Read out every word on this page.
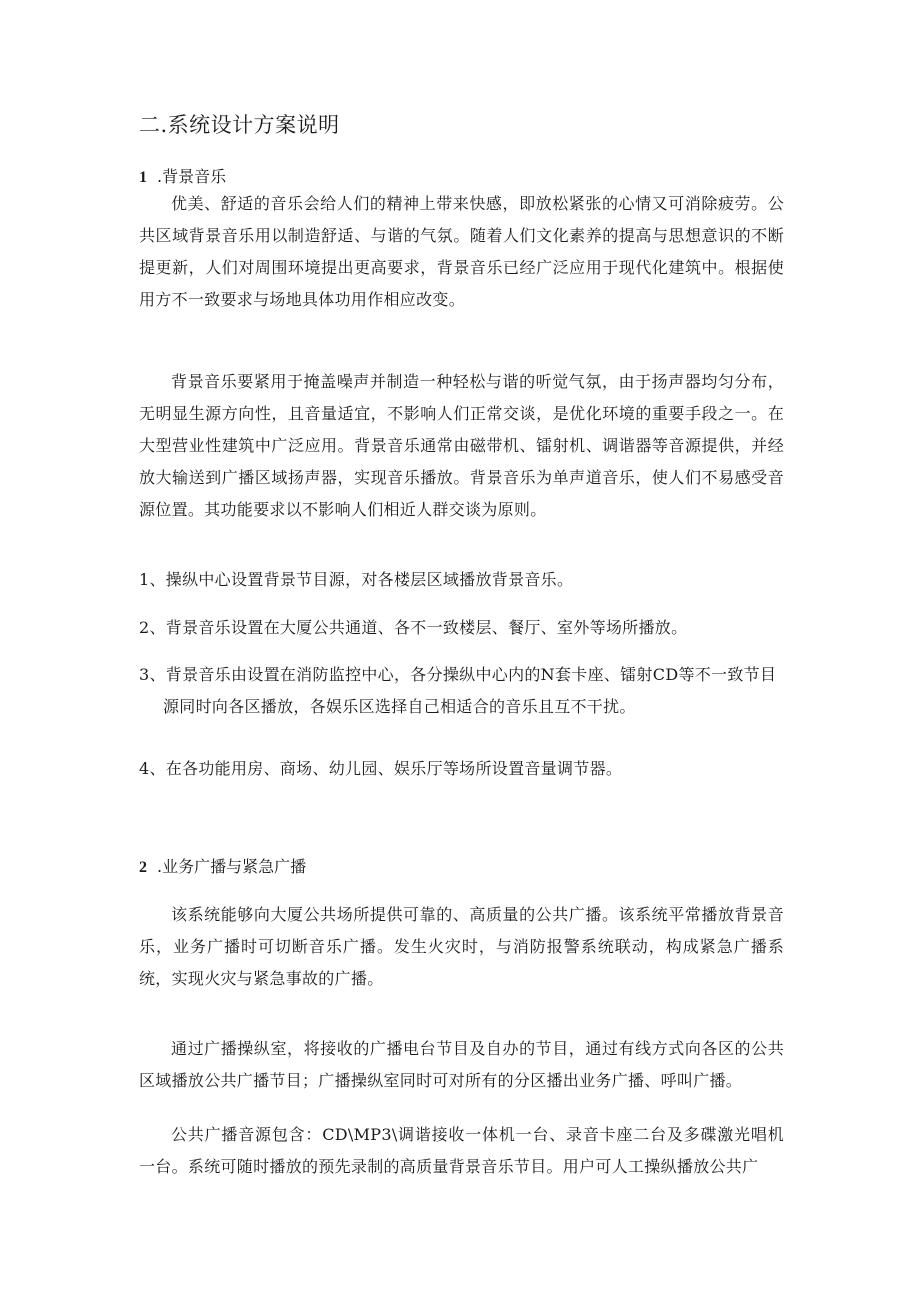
二.系统设计方案说明
1 .背景音乐

优美、舒适的音乐会给人们的精神上带来快感，即放松紧张的心情又可消除疲劳。公共区域背景音乐用以制造舒适、与谐的气氛。随着人们文化素养的提高与思想意识的不断提更新，人们对周围环境提出更高要求，背景音乐已经广泛应用于现代化建筑中。根据使用方不一致要求与场地具体功用作相应改变。

背景音乐要紧用于掩盖噪声并制造一种轻松与谐的听觉气氛，由于扬声器均匀分布，无明显生源方向性，且音量适宜，不影响人们正常交谈，是优化环境的重要手段之一。在大型营业性建筑中广泛应用。背景音乐通常由磁带机、镭射机、调谐器等音源提供，并经放大输送到广播区域扬声器，实现音乐播放。背景音乐为单声道音乐，使人们不易感受音源位置。其功能要求以不影响人们相近人群交谈为原则。

1、操纵中心设置背景节目源，对各楼层区域播放背景音乐。

2、背景音乐设置在大厦公共通道、各不一致楼层、餐厅、室外等场所播放。

3、背景音乐由设置在消防监控中心，各分操纵中心内的N套卡座、镭射CD等不一致节目源同时向各区播放，各娱乐区选择自己相适合的音乐且互不干扰。

4、在各功能用房、商场、幼儿园、娱乐厅等场所设置音量调节器。

2 .业务广播与紧急广播

该系统能够向大厦公共场所提供可靠的、高质量的公共广播。该系统平常播放背景音乐，业务广播时可切断音乐广播。发生火灾时，与消防报警系统联动，构成紧急广播系统，实现火灾与紧急事故的广播。

通过广播操纵室，将接收的广播电台节目及自办的节目，通过有线方式向各区的公共区域播放公共广播节目；广播操纵室同时可对所有的分区播出业务广播、呼叫广播。

公共广播音源包含：CD\MP3\调谐接收一体机一台、录音卡座二台及多碟激光唱机一台。系统可随时播放的预先录制的高质量背景音乐节目。用户可人工操纵播放公共广
